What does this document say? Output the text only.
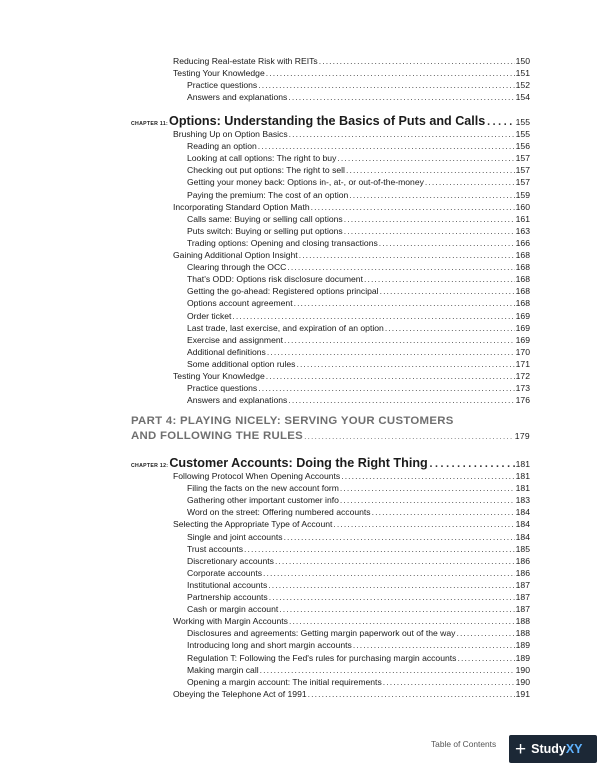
Reducing Real-estate Risk with REITs .....	150
Testing Your Knowledge .....	151
Practice questions .....	152
Answers and explanations .....	154
CHAPTER 11: Options: Understanding the Basics of Puts and Calls .....	155
Brushing Up on Option Basics .....	155
Reading an option .....	156
Looking at call options: The right to buy .....	157
Checking out put options: The right to sell .....	157
Getting your money back: Options in-, at-, or out-of-the-money .....	157
Paying the premium: The cost of an option .....	159
Incorporating Standard Option Math .....	160
Calls same: Buying or selling call options .....	161
Puts switch: Buying or selling put options .....	163
Trading options: Opening and closing transactions .....	166
Gaining Additional Option Insight .....	168
Clearing through the OCC .....	168
That's ODD: Options risk disclosure document .....	168
Getting the go-ahead: Registered options principal .....	168
Options account agreement .....	168
Order ticket .....	169
Last trade, last exercise, and expiration of an option .....	169
Exercise and assignment .....	169
Additional definitions .....	170
Some additional option rules .....	171
Testing Your Knowledge .....	172
Practice questions .....	173
Answers and explanations .....	176
PART 4: PLAYING NICELY: SERVING YOUR CUSTOMERS
AND FOLLOWING THE RULES .....	179
CHAPTER 12: Customer Accounts: Doing the Right Thing .....	181
Following Protocol When Opening Accounts .....	181
Filing the facts on the new account form .....	181
Gathering other important customer info .....	183
Word on the street: Offering numbered accounts .....	184
Selecting the Appropriate Type of Account .....	184
Single and joint accounts .....	184
Trust accounts .....	185
Discretionary accounts .....	186
Corporate accounts .....	186
Institutional accounts .....	187
Partnership accounts .....	187
Cash or margin account .....	187
Working with Margin Accounts .....	188
Disclosures and agreements: Getting margin paperwork out of the way .....	188
Introducing long and short margin accounts .....	189
Regulation T: Following the Fed's rules for purchasing margin accounts .....	189
Making margin call .....	190
Opening a margin account: The initial requirements .....	190
Obeying the Telephone Act of 1991 .....	191
Table of Contents + Study XY
